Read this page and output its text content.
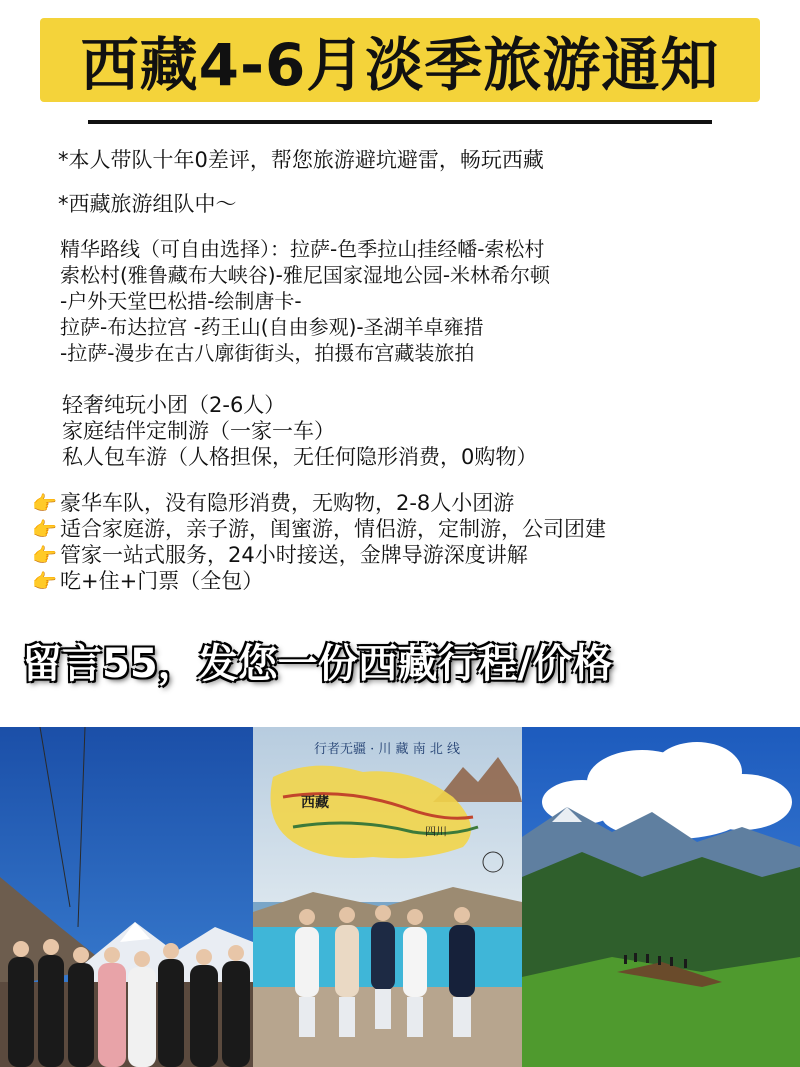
西藏4-6月淡季旅游通知
*本人带队十年0差评，帮您旅游避坑避雷，畅玩西藏
*西藏旅游组队中～
精华路线（可自由选择）：拉萨-色季拉山挂经幡-索松村
索松村(雅鲁藏布大峡谷)-雅尼国家湿地公园-米林希尔顿
-户外天堂巴松措-绘制唐卡-
拉萨-布达拉宫 -药王山(自由参观)-圣湖羊卓雍措
-拉萨-漫步在古八廓街街头，拍摄布宫藏装旅拍
轻奢纯玩小团（2-6人）
家庭结伴定制游（一家一车）
私人包车游（人格担保，无任何隐形消费，0购物）
👉 豪华车队，没有隐形消费，无购物，2-8人小团游
👉 适合家庭游，亲子游，闺蜜游，情侣游，定制游，公司团建
👉 管家一站式服务，24小时接送，金牌导游深度讲解
👉 吃+住+门票（全包）
留言55，发您一份西藏行程/价格
行者无疆 · 川 藏 南 北 线
西藏
四川
